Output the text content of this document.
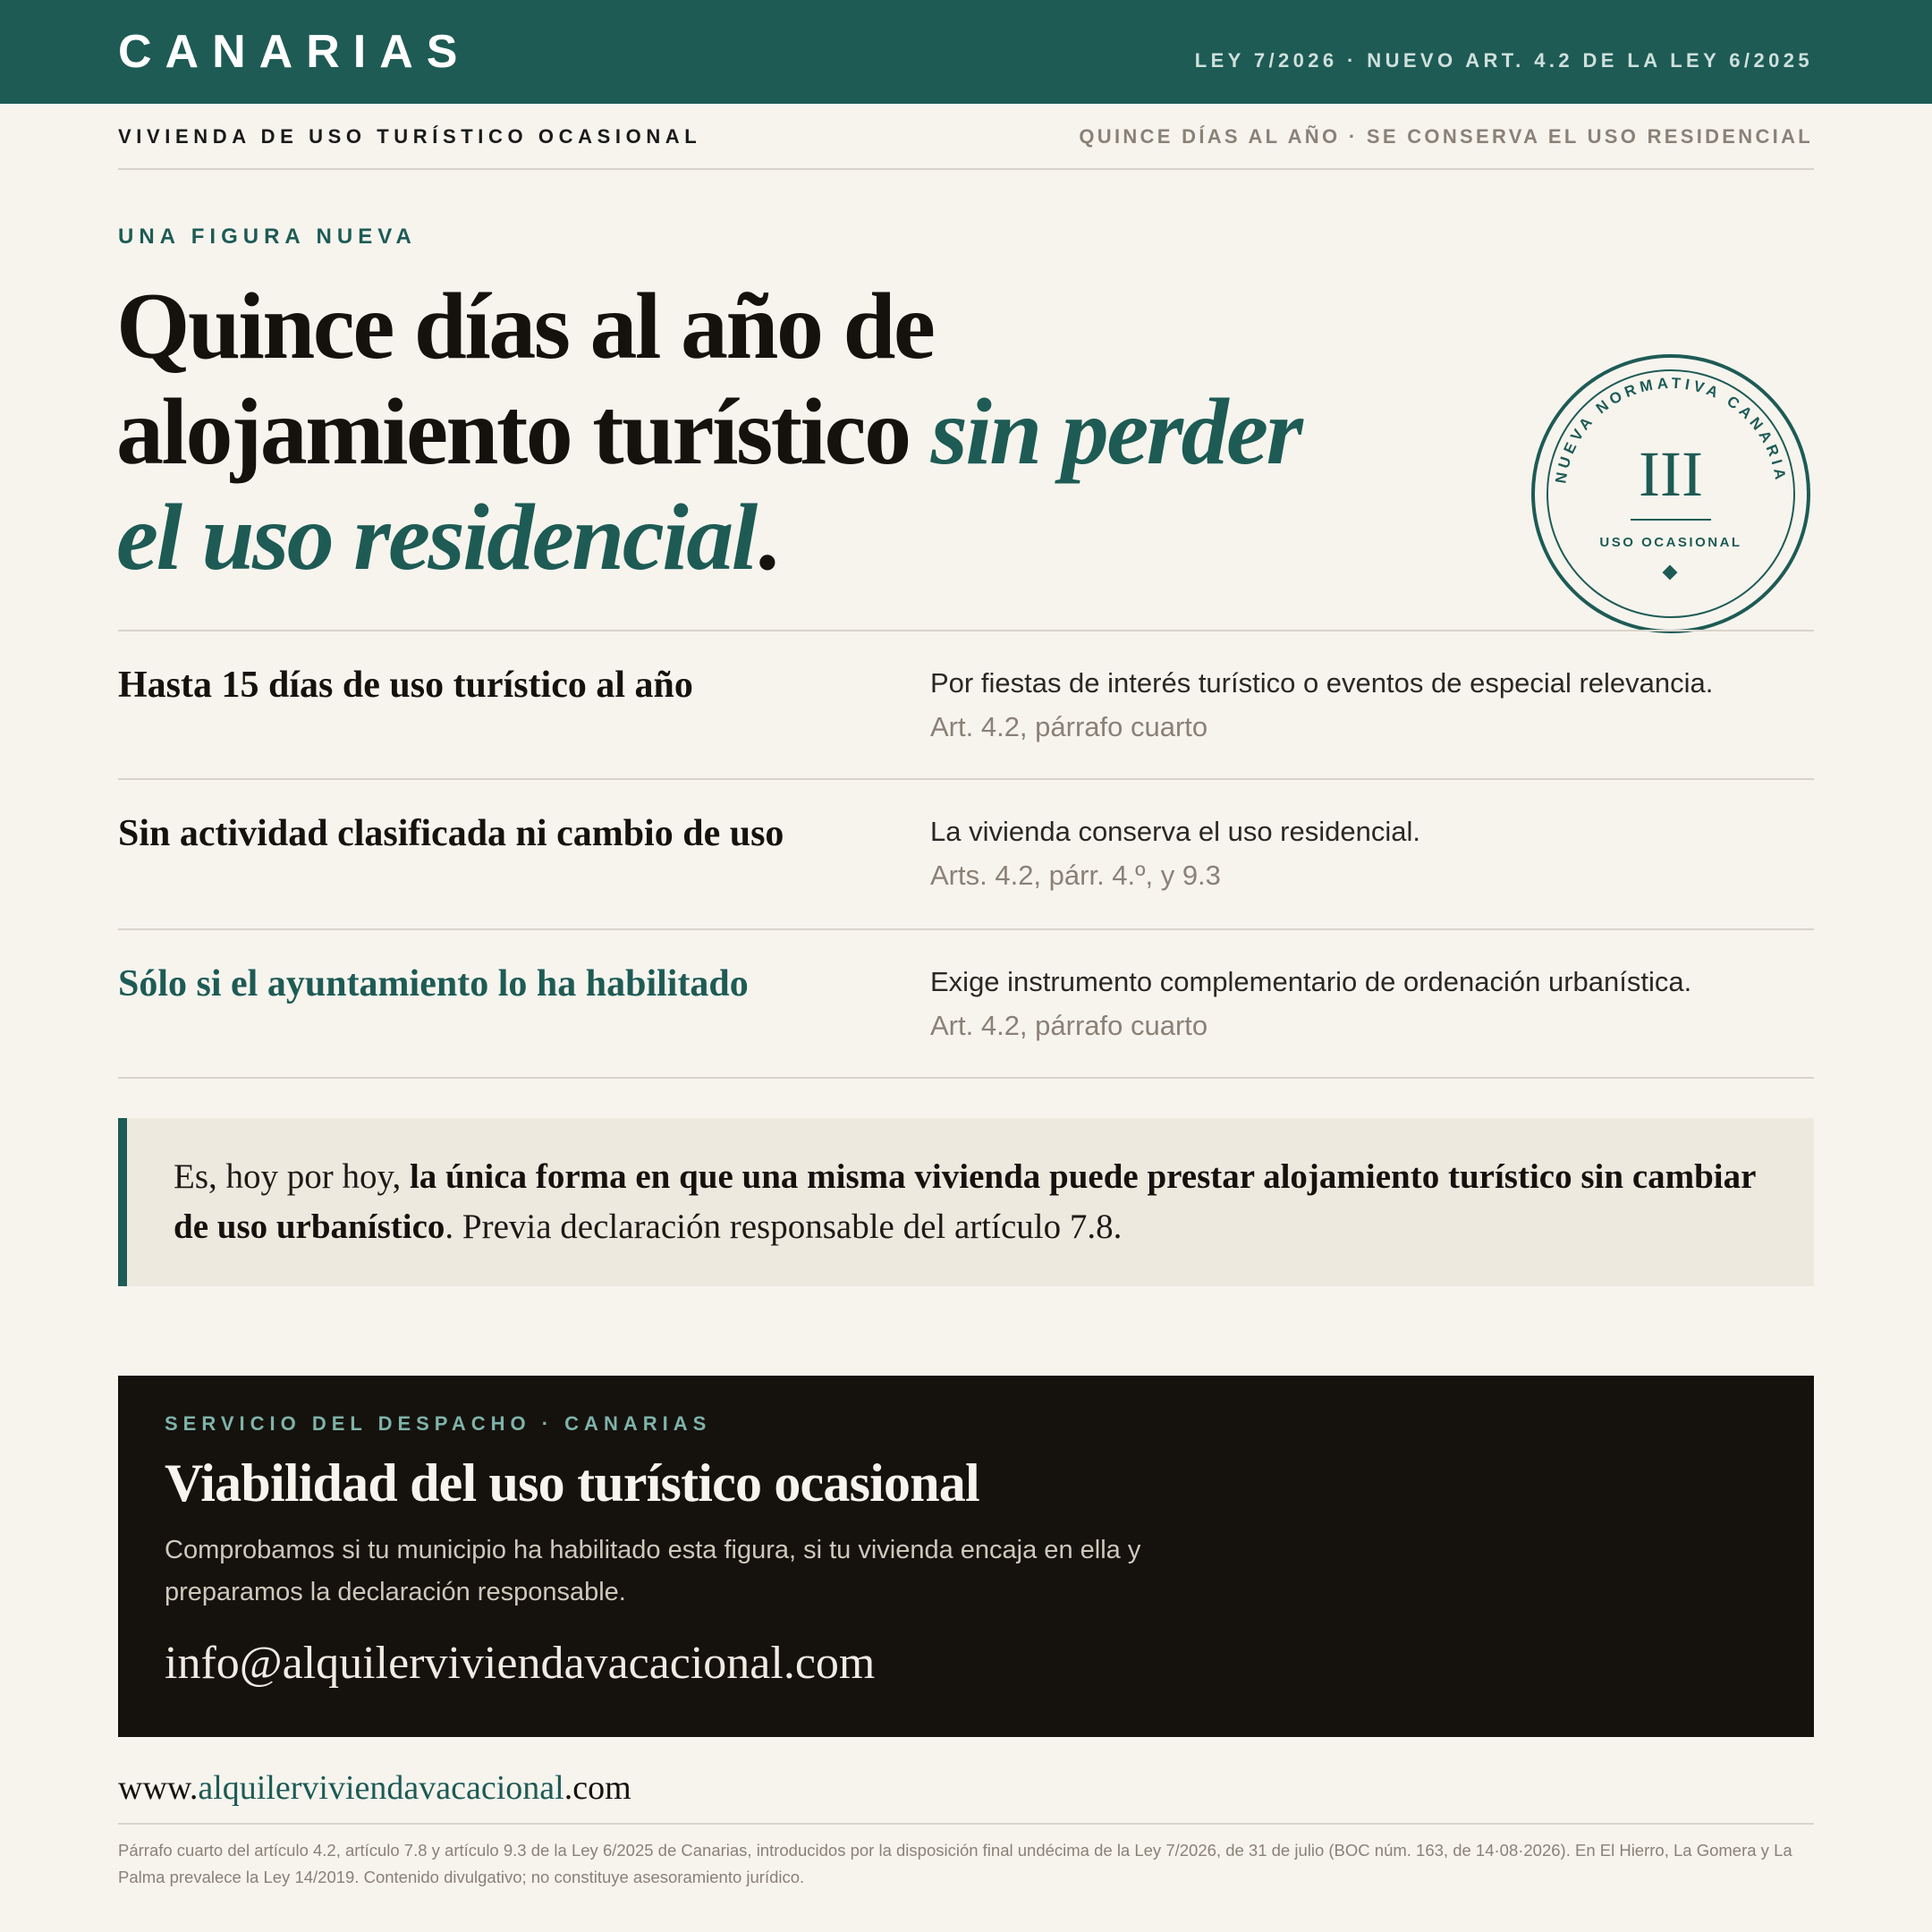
CANARIAS	LEY 7/2026 · NUEVO ART. 4.2 DE LA LEY 6/2025
VIVIENDA DE USO TURÍSTICO OCASIONAL	QUINCE DÍAS AL AÑO · SE CONSERVA EL USO RESIDENCIAL
UNA FIGURA NUEVA
Quince días al año de alojamiento turístico sin perder el uso residencial.
NUEVA NORMATIVA CANARIA
III
USO OCASIONAL
Hasta 15 días de uso turístico al año	Por fiestas de interés turístico o eventos de especial relevancia.
Art. 4.2, párrafo cuarto
Sin actividad clasificada ni cambio de uso	La vivienda conserva el uso residencial.
Arts. 4.2, párr. 4.º, y 9.3
Sólo si el ayuntamiento lo ha habilitado	Exige instrumento complementario de ordenación urbanística.
Art. 4.2, párrafo cuarto

Es, hoy por hoy, la única forma en que una misma vivienda puede prestar alojamiento turístico sin cambiar de uso urbanístico. Previa declaración responsable del artículo 7.8.

SERVICIO DEL DESPACHO · CANARIAS
Viabilidad del uso turístico ocasional

Comprobamos si tu municipio ha habilitado esta figura, si tu vivienda encaja en ella y preparamos la declaración responsable.

info@alquilerviviendavacacional.com
www.alquilerviviendavacacional.com

Párrafo cuarto del artículo 4.2, artículo 7.8 y artículo 9.3 de la Ley 6/2025 de Canarias, introducidos por la disposición final undécima de la Ley 7/2026, de 31 de julio (BOC núm. 163, de 14·08·2026). En El Hierro, La Gomera y La Palma prevalece la Ley 14/2019. Contenido divulgativo; no constituye asesoramiento jurídico.
